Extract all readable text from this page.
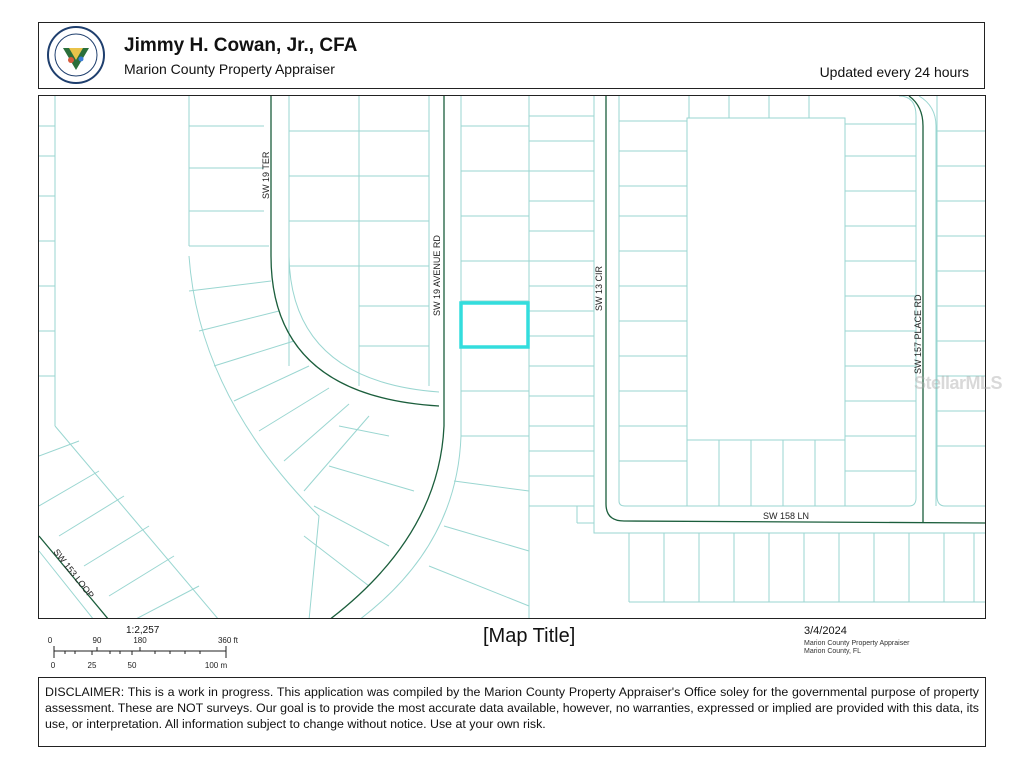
Jimmy H. Cowan, Jr., CFA
Marion County Property Appraiser	Updated every 24 hours
SW 19 TER
SW 19 AVENUE RD	SW 13 CIR
SW 157 PLACE RD
SW 158 LN
SW 153 LOOP
StellarMLS
1:2,257
0	90	180	360 ft
0	25	50	100 m
[Map Title]	3/4/2024
Marion County Property Appraiser
Marion County, FL
DISCLAIMER: This is a work in progress. This application was compiled by the Marion County Property Appraiser's Office soley for the governmental purpose of property assessment. These are NOT surveys. Our goal is to provide the most accurate data available, however, no warranties, expressed or implied are provided with this data, its use, or interpretation. All information subject to change without notice. Use at your own risk.
